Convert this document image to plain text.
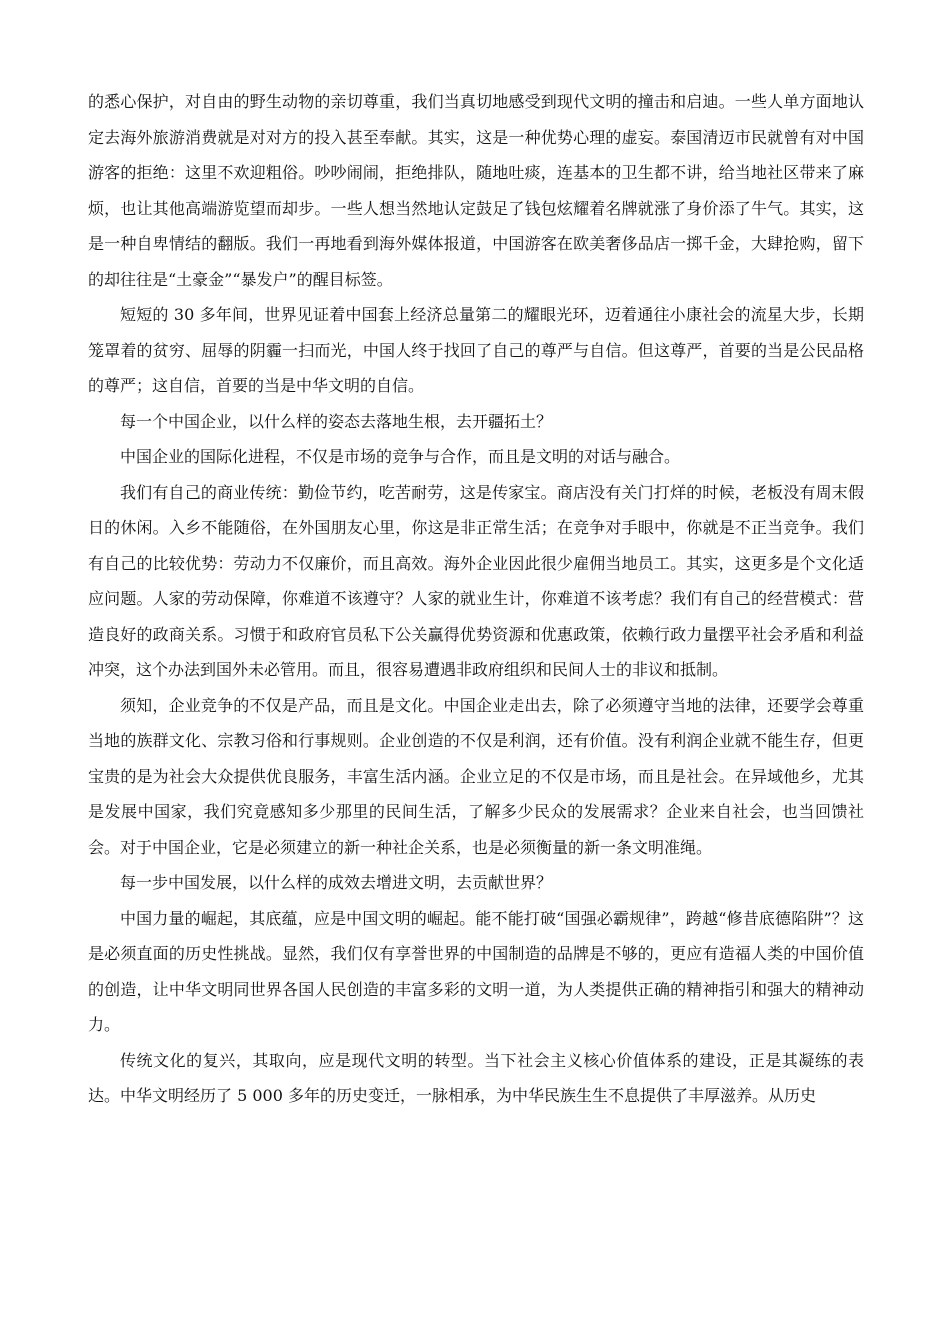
的悉心保护，对自由的野生动物的亲切尊重，我们当真切地感受到现代文明的撞击和启迪。一些人单方面地认定去海外旅游消费就是对对方的投入甚至奉献。其实，这是一种优势心理的虚妄。泰国清迈市民就曾有对中国游客的拒绝：这里不欢迎粗俗。吵吵闹闹，拒绝排队，随地吐痰，连基本的卫生都不讲，给当地社区带来了麻烦，也让其他高端游览望而却步。一些人想当然地认定鼓足了钱包炫耀着名牌就涨了身价添了牛气。其实，这是一种自卑情结的翻版。我们一再地看到海外媒体报道，中国游客在欧美奢侈品店一掷千金，大肆抢购，留下的却往往是“土豪金”“暴发户”的醒目标签。

短短的 30 多年间，世界见证着中国套上经济总量第二的耀眼光环，迈着通往小康社会的流星大步，长期笼罩着的贫穷、屈辱的阴霾一扫而光，中国人终于找回了自己的尊严与自信。但这尊严，首要的当是公民品格的尊严；这自信，首要的当是中华文明的自信。

每一个中国企业，以什么样的姿态去落地生根，去开疆拓土？

中国企业的国际化进程，不仅是市场的竞争与合作，而且是文明的对话与融合。

我们有自己的商业传统：勤俭节约，吃苦耐劳，这是传家宝。商店没有关门打烊的时候，老板没有周末假日的休闲。入乡不能随俗，在外国朋友心里，你这是非正常生活；在竞争对手眼中，你就是不正当竞争。我们有自己的比较优势：劳动力不仅廉价，而且高效。海外企业因此很少雇佣当地员工。其实，这更多是个文化适应问题。人家的劳动保障，你难道不该遵守？人家的就业生计，你难道不该考虑？我们有自己的经营模式：营造良好的政商关系。习惯于和政府官员私下公关赢得优势资源和优惠政策，依赖行政力量摆平社会矛盾和利益冲突，这个办法到国外未必管用。而且，很容易遭遇非政府组织和民间人士的非议和抵制。

须知，企业竞争的不仅是产品，而且是文化。中国企业走出去，除了必须遵守当地的法律，还要学会尊重当地的族群文化、宗教习俗和行事规则。企业创造的不仅是利润，还有价值。没有利润企业就不能生存，但更宝贵的是为社会大众提供优良服务，丰富生活内涵。企业立足的不仅是市场，而且是社会。在异域他乡，尤其是发展中国家，我们究竟感知多少那里的民间生活，了解多少民众的发展需求？企业来自社会，也当回馈社会。对于中国企业，它是必须建立的新一种社企关系，也是必须衡量的新一条文明准绳。

每一步中国发展，以什么样的成效去增进文明，去贡献世界？

中国力量的崛起，其底蕴，应是中国文明的崛起。能不能打破“国强必霸规律”，跨越“修昔底德陷阱”？这是必须直面的历史性挑战。显然，我们仅有享誉世界的中国制造的品牌是不够的，更应有造福人类的中国价值的创造，让中华文明同世界各国人民创造的丰富多彩的文明一道，为人类提供正确的精神指引和强大的精神动力。

传统文化的复兴，其取向，应是现代文明的转型。当下社会主义核心价值体系的建设，正是其凝练的表达。中华文明经历了 5 000 多年的历史变迁，一脉相承，为中华民族生生不息提供了丰厚滋养。从历史
